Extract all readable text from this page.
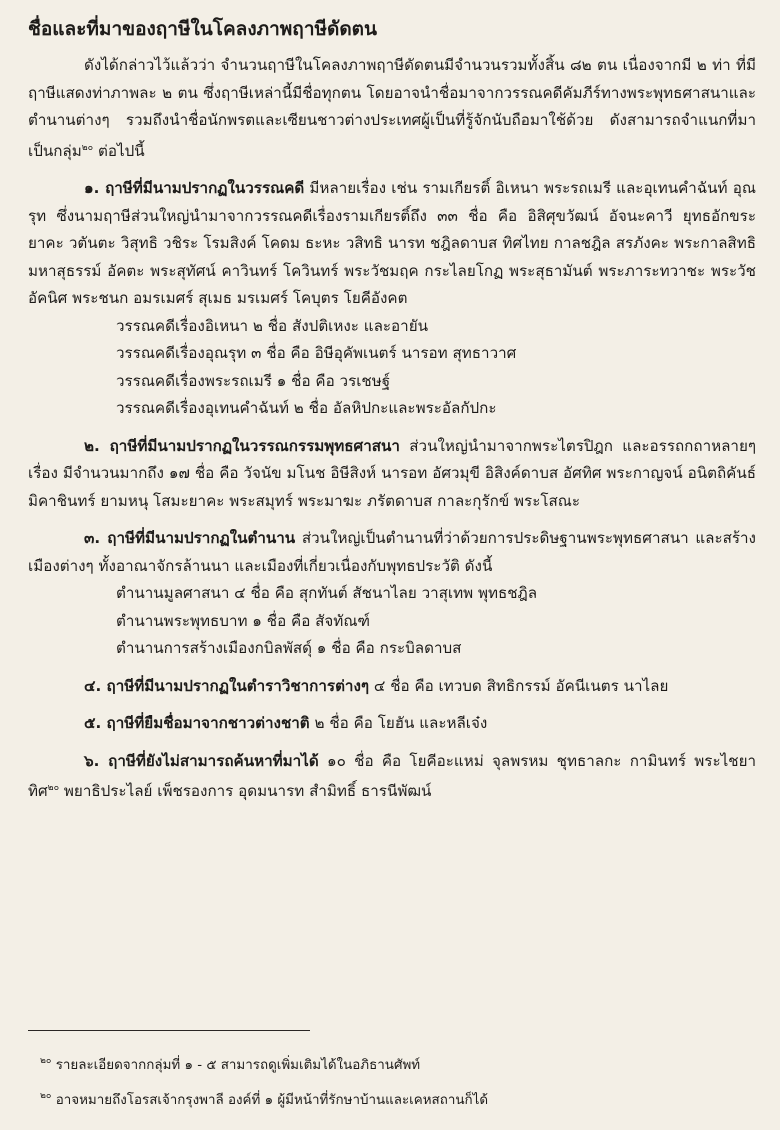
ชื่อและที่มาของฤาษีในโคลงภาพฤาษีดัดตน

ดังได้กล่าวไว้แล้วว่า จำนวนฤาษีในโคลงภาพฤาษีดัดตนมีจำนวนรวมทั้งสิ้น ๘๒ ตน เนื่องจากมี ๒ ท่า ที่มีฤาษีแสดงท่าภาพละ ๒ ตน ซึ่งฤาษีเหล่านี้มีชื่อทุกตน โดยอาจนำชื่อมาจากวรรณคดีคัมภีร์ทางพระพุทธศาสนาและตำนานต่างๆ รวมถึงนำชื่อนักพรตและเซียนชาวต่างประเทศผู้เป็นที่รู้จักนับถือมาใช้ด้วย ดังสามารถจำแนกที่มาเป็นกลุ่ม$^{๒๐}$ ต่อไปนี้

๑. ฤาษีที่มีนามปรากฏในวรรณคดี มีหลายเรื่อง เช่น รามเกียรติ์ อิเหนา พระรถเมรี และอุเทนคำฉันท์ อุณรุท ซึ่งนามฤาษีส่วนใหญ่นำมาจากวรรณคดีเรื่องรามเกียรติ์ถึง ๓๓ ชื่อ คือ อิสิศุขวัฒน์ อัจนะคาวี ยุทธอักขระ ยาคะ วตันตะ วิสุทธิ วชิระ โรมสิงค์ โคดม ธะหะ วสิทธิ นารท ชฎิลดาบส ทิศไทย กาลชฎิล สรภังคะ พระกาลสิทธิ มหาสุธรรม์ อัคตะ พระสุทัศน์ คาวินทร์ โควินทร์ พระวัชมฤค กระไลยโกฏ พระสุธามันต์ พระภาระทวาชะ พระวัชอัคนิศ พระชนก อมรเมศร์ สุเมธ มรเมศร์ โคบุตร โยคีอังคต

วรรณคดีเรื่องอิเหนา ๒ ชื่อ สังปติเหงะ และอายัน

วรรณคดีเรื่องอุณรุท ๓ ชื่อ คือ อิษีอุคัพเนตร์ นารอท สุทธาวาศ

วรรณคดีเรื่องพระรถเมรี ๑ ชื่อ คือ วรเชษฐ์

วรรณคดีเรื่องอุเทนคำฉันท์ ๒ ชื่อ อัลหิปกะและพระอัลกัปกะ

๒. ฤาษีที่มีนามปรากฏในวรรณกรรมพุทธศาสนา ส่วนใหญ่นำมาจากพระไตรปิฎก และอรรถกถาหลายๆ เรื่อง มีจำนวนมากถึง ๑๗ ชื่อ คือ วัจนัข มโนช อิษีสิงห์ นารอท อัศวมุขี อิสิงค์ดาบส อัศทิศ พระกาญจน์ อนิตถิคันธ์ มิคาชินทร์ ยามหนุ โสมะยาคะ พระสมุทร์ พระมาฆะ ภรัตดาบส กาละกุรักข์ พระโสณะ

๓. ฤาษีที่มีนามปรากฏในตำนาน ส่วนใหญ่เป็นตำนานที่ว่าด้วยการประดิษฐานพระพุทธศาสนา และสร้างเมืองต่างๆ ทั้งอาณาจักรล้านนา และเมืองที่เกี่ยวเนื่องกับพุทธประวัติ ดังนี้

ตำนานมูลศาสนา ๔ ชื่อ คือ สุกทันต์ สัชนาไลย วาสุเทพ พุทธชฎิล

ตำนานพระพุทธบาท ๑ ชื่อ คือ สัจทัณฑ์

ตำนานการสร้างเมืองกบิลพัสดุ์ ๑ ชื่อ คือ กระบิลดาบส

๔. ฤาษีที่มีนามปรากฏในตำราวิชาการต่างๆ ๔ ชื่อ คือ เทวบด สิทธิกรรม์ อัคนีเนตร นาไลย

๕. ฤาษีที่ยืมชื่อมาจากชาวต่างชาติ ๒ ชื่อ คือ โยฮัน และหลีเจ๋ง

๖. ฤาษีที่ยังไม่สามารถค้นหาที่มาได้ ๑๐ ชื่อ คือ โยคีอะแหม่ จุลพรหม ชุทธาลกะ กามินทร์ พระไชยาทิศ$^{๒๐}$ พยาธิประไลย์ เพ็ชรองการ อุดมนารท สำมิทธิ์ ธารนีพัฒน์

$^{๒๐}$ รายละเอียดจากกลุ่มที่ ๑ - ๕ สามารถดูเพิ่มเติมได้ในอภิธานศัพท์

$^{๒๐}$ อาจหมายถึงโอรสเจ้ากรุงพาลี องค์ที่ ๑ ผู้มีหน้าที่รักษาบ้านและเคหสถานก็ได้
